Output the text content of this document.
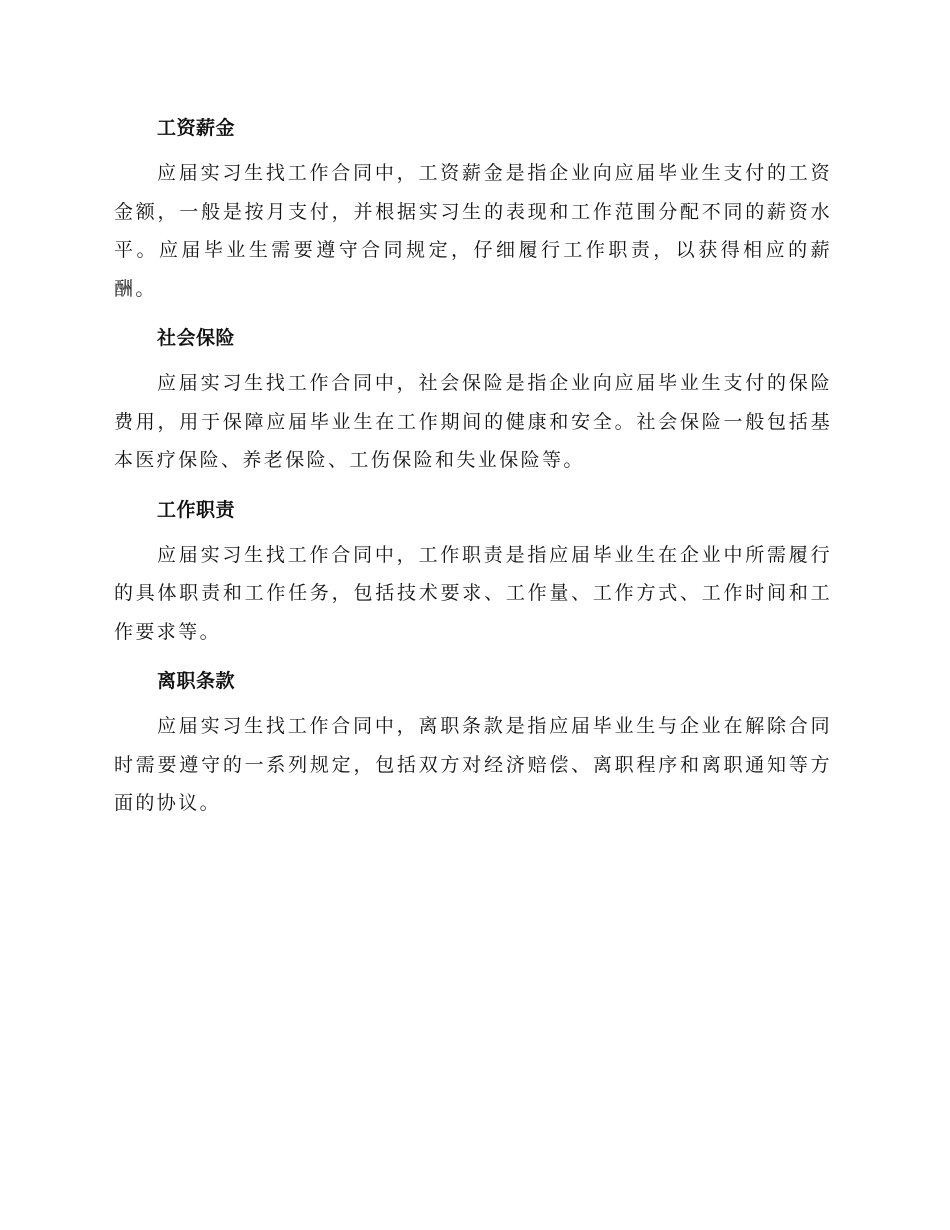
工资薪金

应届实习生找工作合同中，工资薪金是指企业向应届毕业生支付的工资金额，一般是按月支付，并根据实习生的表现和工作范围分配不同的薪资水平。应届毕业生需要遵守合同规定，仔细履行工作职责，以获得相应的薪酬。

社会保险

应届实习生找工作合同中，社会保险是指企业向应届毕业生支付的保险费用，用于保障应届毕业生在工作期间的健康和安全。社会保险一般包括基本医疗保险、养老保险、工伤保险和失业保险等。

工作职责

应届实习生找工作合同中，工作职责是指应届毕业生在企业中所需履行的具体职责和工作任务，包括技术要求、工作量、工作方式、工作时间和工作要求等。

离职条款

应届实习生找工作合同中，离职条款是指应届毕业生与企业在解除合同时需要遵守的一系列规定，包括双方对经济赔偿、离职程序和离职通知等方面的协议。
